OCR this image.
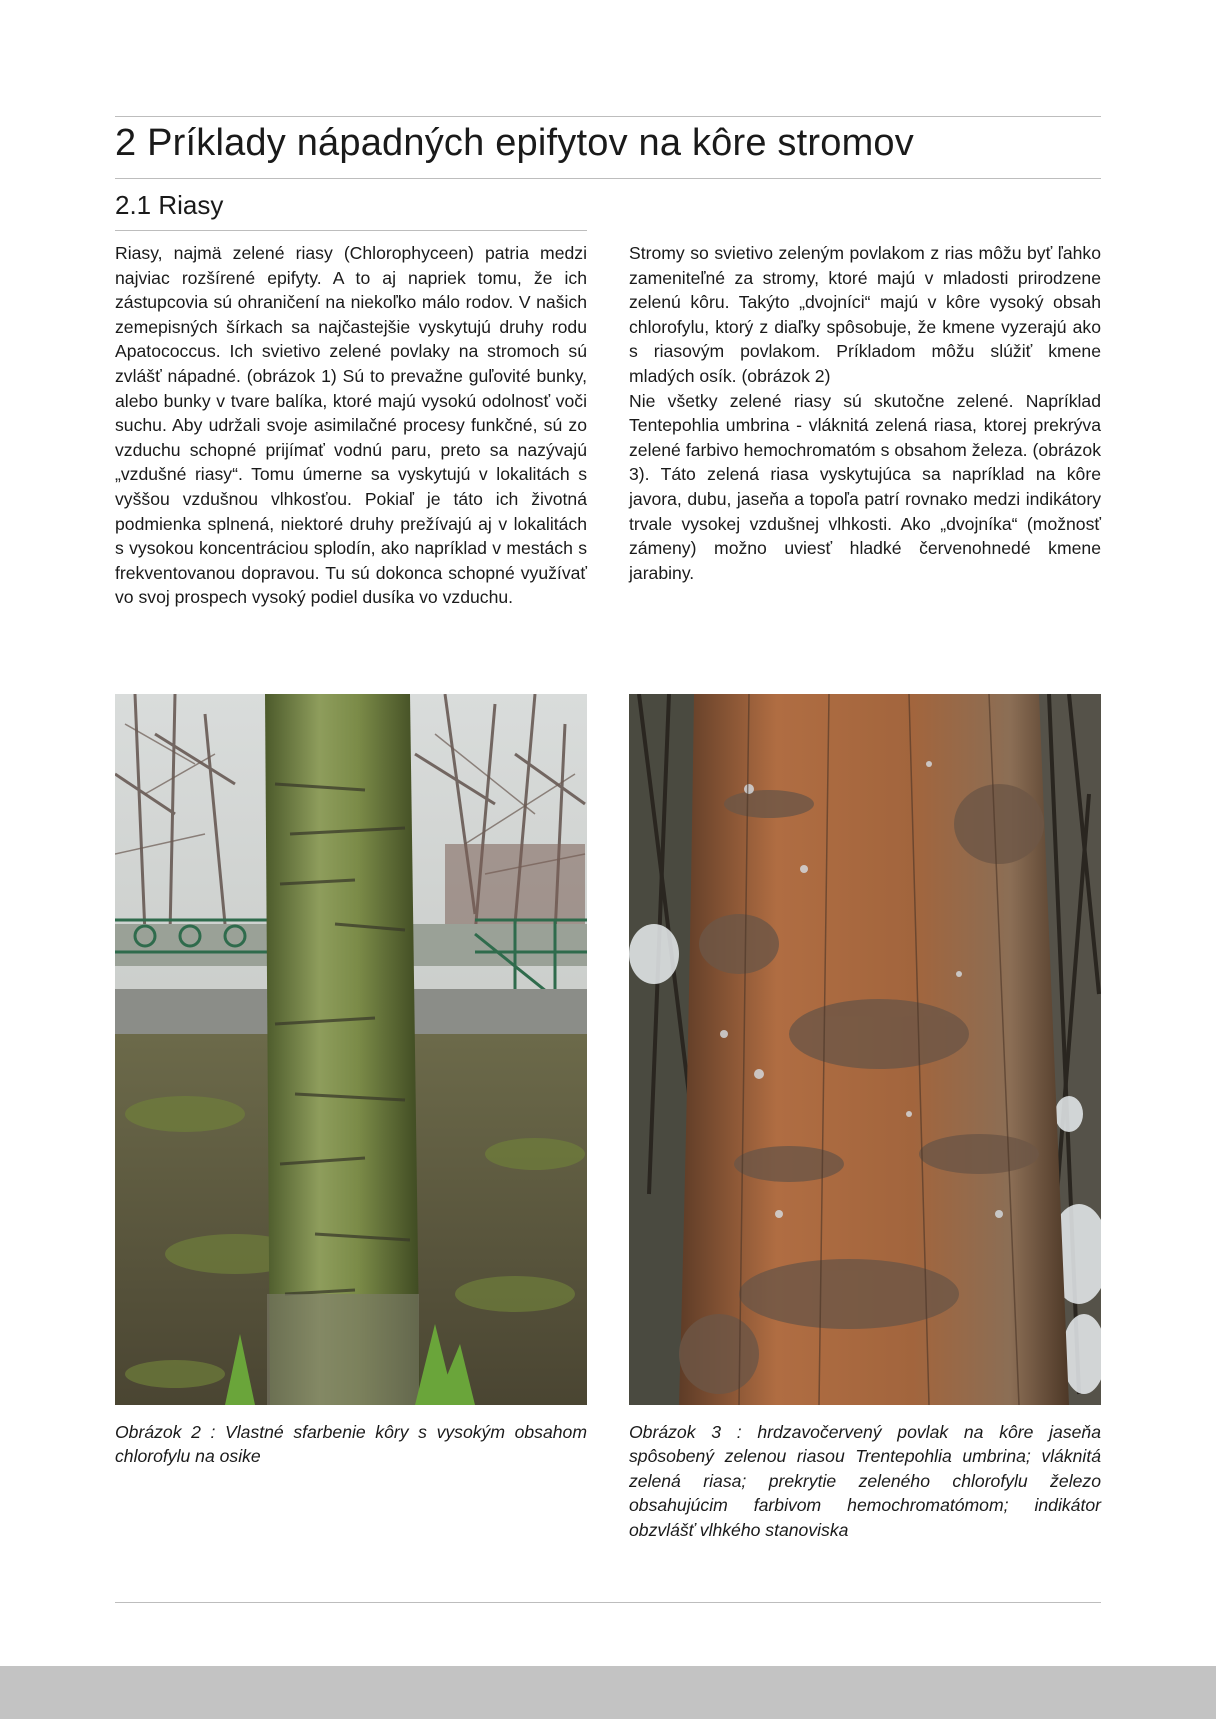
2 Príklady nápadných epifytov na kôre stromov
2.1 Riasy

Riasy, najmä zelené riasy (Chlorophyceen) patria medzi najviac rozšírené epifyty. A to aj napriek tomu, že ich zástupcovia sú ohraničení na niekoľko málo rodov. V našich zemepisných šírkach sa najčastejšie vyskytujú druhy rodu Apatococcus. Ich svietivo zelené povlaky na stromoch sú zvlášť nápadné. (obrázok 1) Sú to prevažne guľovité bunky, alebo bunky v tvare balíka, ktoré majú vysokú odolnosť voči suchu. Aby udržali svoje asimilačné procesy funkčné, sú zo vzduchu schopné prijímať vodnú paru, preto sa nazývajú „vzdušné riasy“. Tomu úmerne sa vyskytujú v lokalitách s vyššou vzdušnou vlhkosťou. Pokiaľ je táto ich životná podmienka splnená, niektoré druhy prežívajú aj v lokalitách s vysokou koncentráciou splodín, ako napríklad v mestách s frekventovanou dopravou. Tu sú dokonca schopné využívať vo svoj prospech vysoký podiel dusíka vo vzduchu.

Stromy so svietivo zeleným povlakom z rias môžu byť ľahko zameniteľné za stromy, ktoré majú v mladosti prirodzene zelenú kôru. Takýto „dvojníci“ majú v kôre vysoký obsah chlorofylu, ktorý z diaľky spôsobuje, že kmene vyzerajú ako s riasovým povlakom. Príkladom môžu slúžiť kmene mladých osík. (obrázok 2)

Nie všetky zelené riasy sú skutočne zelené. Napríklad Tentepohlia umbrina - vláknitá zelená riasa, ktorej prekrýva zelené farbivo hemochromatóm s obsahom železa. (obrázok 3). Táto zelená riasa vyskytujúca sa napríklad na kôre javora, dubu, jaseňa a topoľa patrí rovnako medzi indikátory trvale vysokej vzdušnej vlhkosti. Ako „dvojníka“ (možnosť zámeny) možno uviesť hladké červenohnedé kmene jarabiny.

Obrázok 2 : Vlastné sfarbenie kôry s vysokým obsahom chlorofylu na osike

Obrázok 3 : hrdzavočervený povlak na kôre jaseňa spôsobený zelenou riasou Trentepohlia umbrina; vláknitá zelená riasa; prekrytie zeleného chlorofylu železo obsahujúcim farbivom hemochromatómom; indikátor obzvlášť vlhkého stanoviska
